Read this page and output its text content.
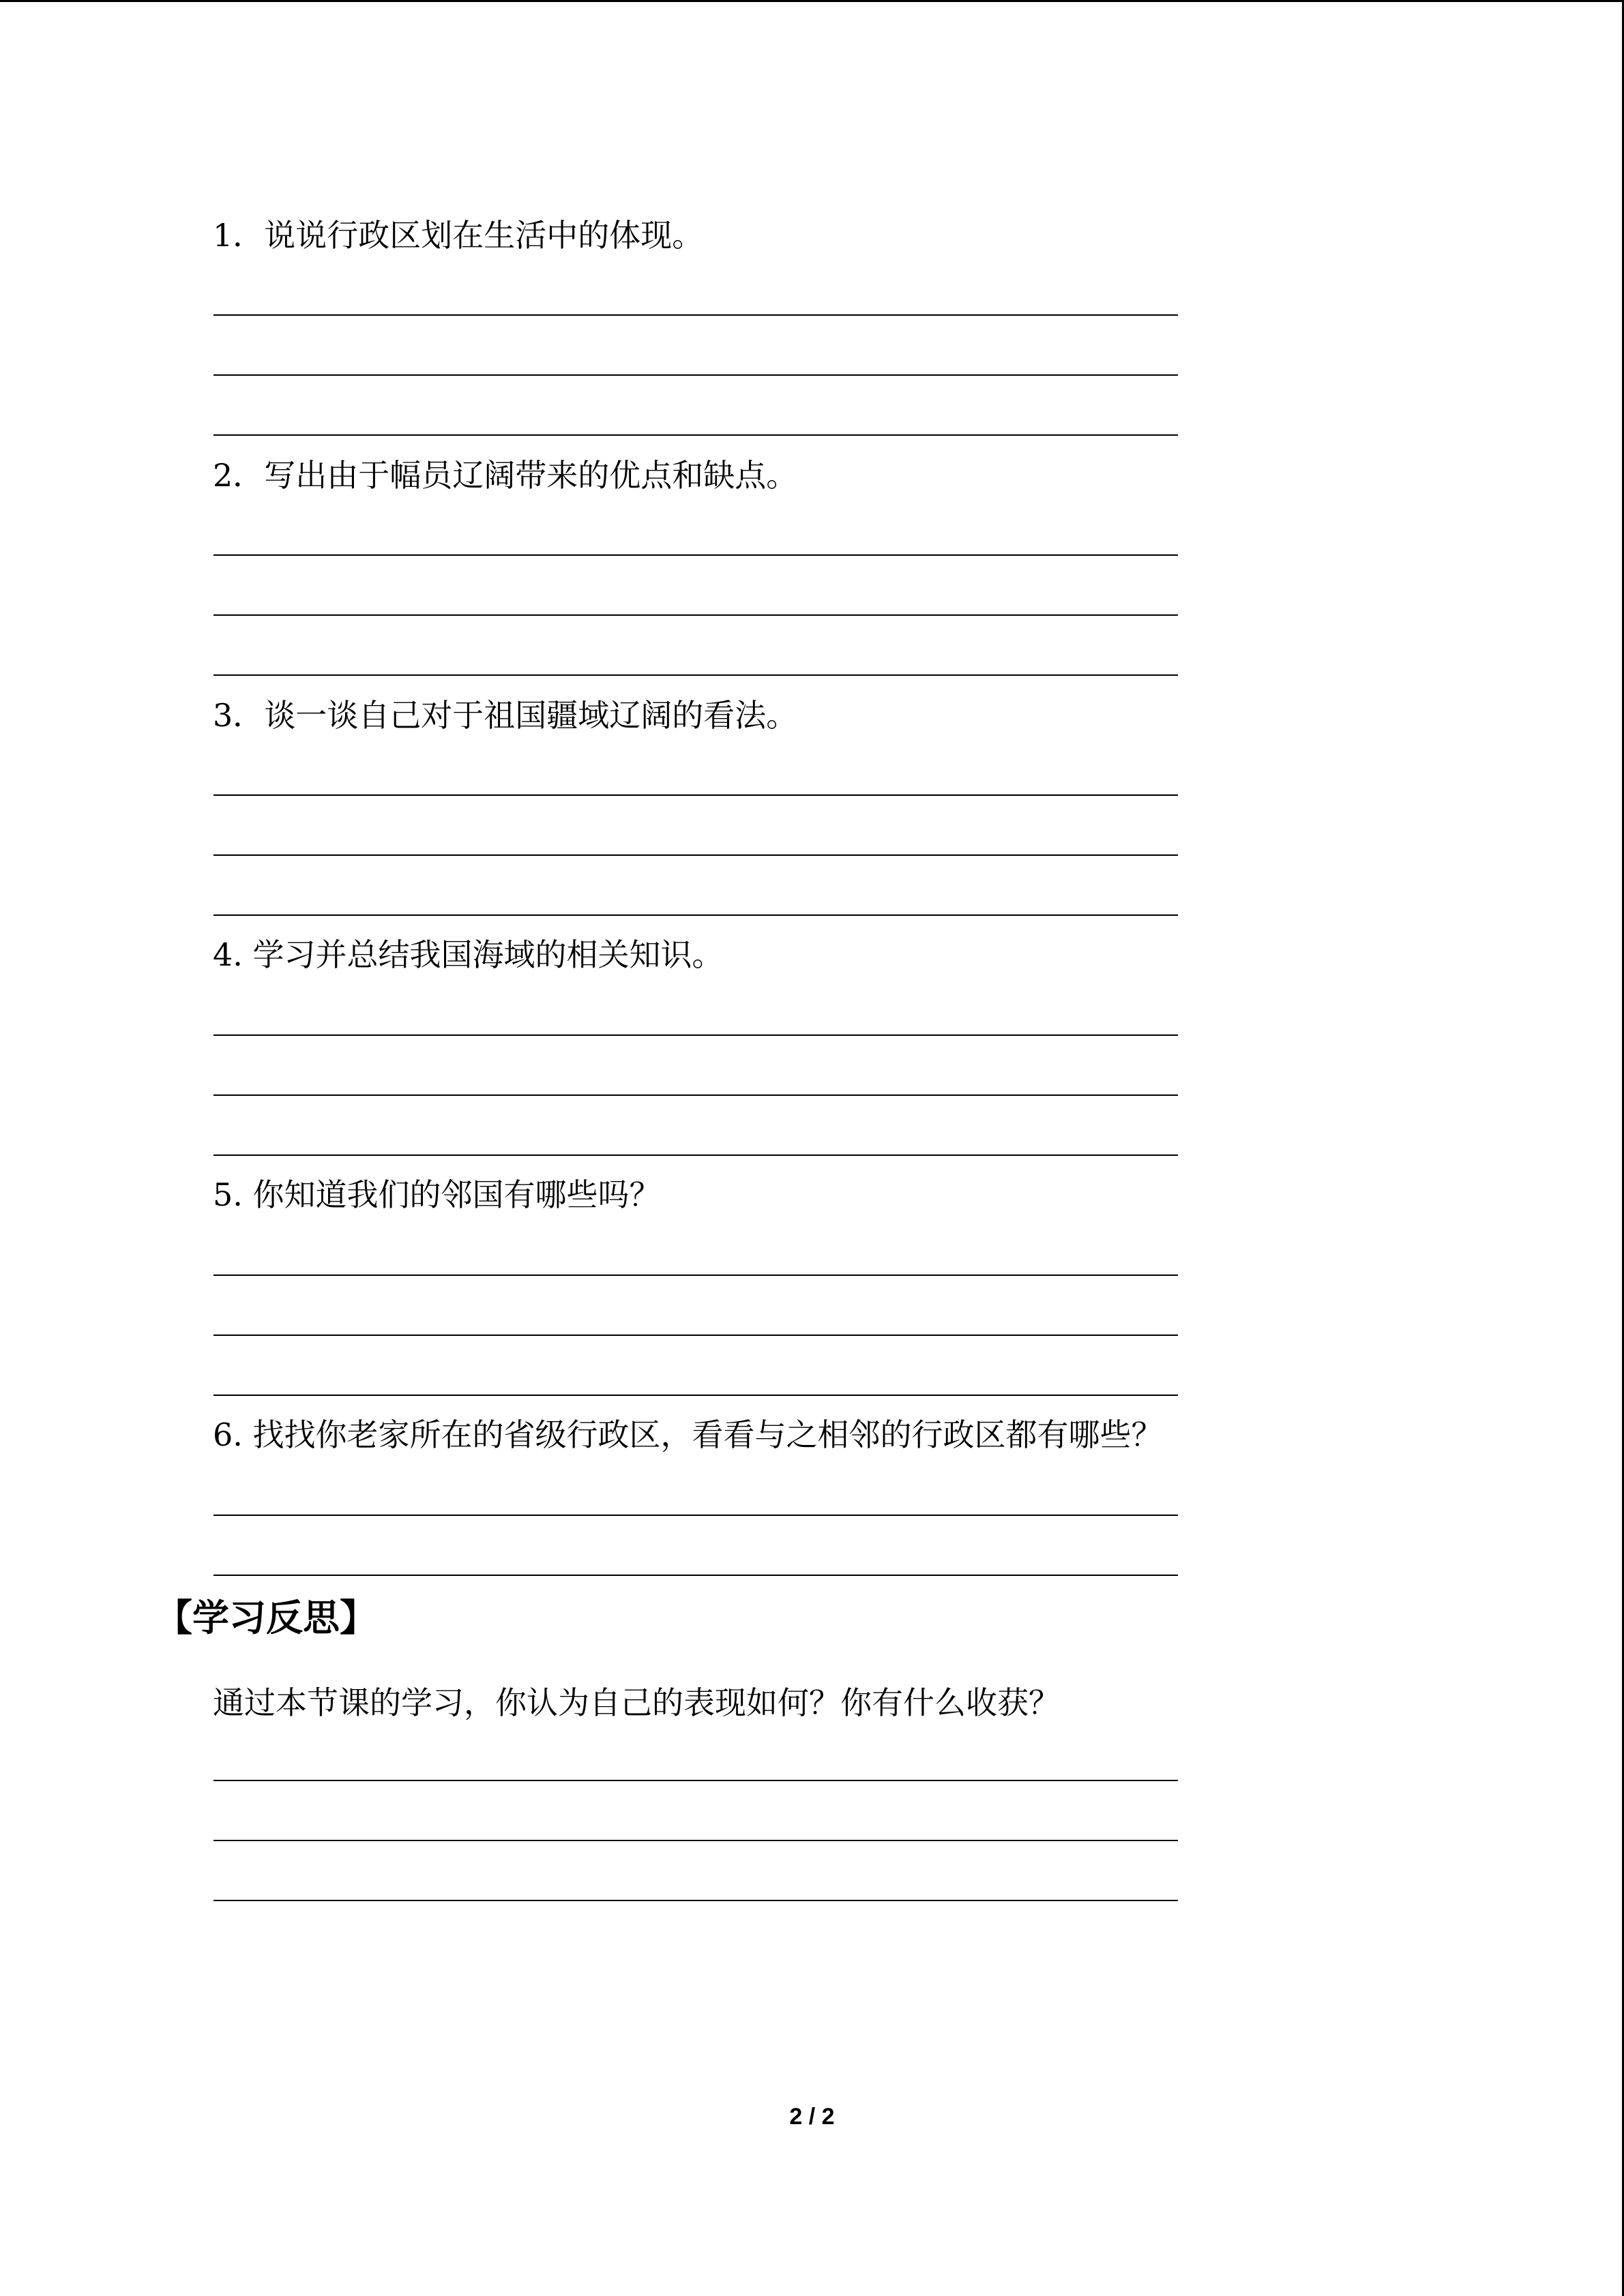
1．说说行政区划在生活中的体现。
2．写出由于幅员辽阔带来的优点和缺点。
3．谈一谈自己对于祖国疆域辽阔的看法。
4. 学习并总结我国海域的相关知识。
5. 你知道我们的邻国有哪些吗？
6. 找找你老家所在的省级行政区，看看与之相邻的行政区都有哪些？
【学习反思】
通过本节课的学习，你认为自己的表现如何？你有什么收获？
2 / 2
